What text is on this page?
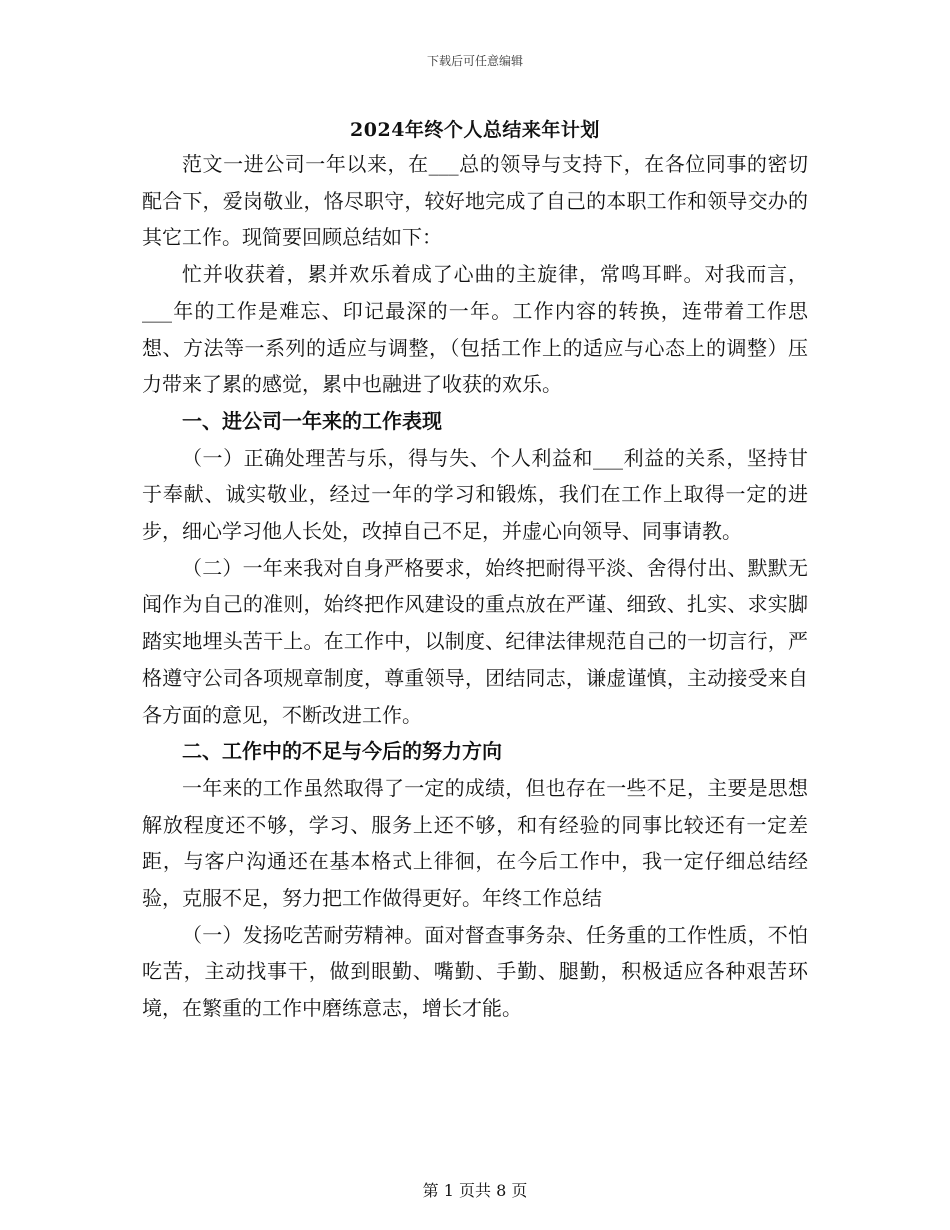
下载后可任意编辑
2024年终个人总结来年计划

范文一进公司一年以来，在___总的领导与支持下，在各位同事的密切配合下，爱岗敬业，恪尽职守，较好地完成了自己的本职工作和领导交办的其它工作。现简要回顾总结如下：

忙并收获着，累并欢乐着成了心曲的主旋律，常鸣耳畔。对我而言，___年的工作是难忘、印记最深的一年。工作内容的转换，连带着工作思想、方法等一系列的适应与调整，（包括工作上的适应与心态上的调整）压力带来了累的感觉，累中也融进了收获的欢乐。

一、进公司一年来的工作表现

（一）正确处理苦与乐，得与失、个人利益和___利益的关系，坚持甘于奉献、诚实敬业，经过一年的学习和锻炼，我们在工作上取得一定的进步，细心学习他人长处，改掉自己不足，并虚心向领导、同事请教。

（二）一年来我对自身严格要求，始终把耐得平淡、舍得付出、默默无闻作为自己的准则，始终把作风建设的重点放在严谨、细致、扎实、求实脚踏实地埋头苦干上。在工作中，以制度、纪律法律规范自己的一切言行，严格遵守公司各项规章制度，尊重领导，团结同志，谦虚谨慎，主动接受来自各方面的意见，不断改进工作。

二、工作中的不足与今后的努力方向

一年来的工作虽然取得了一定的成绩，但也存在一些不足，主要是思想解放程度还不够，学习、服务上还不够，和有经验的同事比较还有一定差距，与客户沟通还在基本格式上徘徊，在今后工作中，我一定仔细总结经验，克服不足，努力把工作做得更好。年终工作总结

（一）发扬吃苦耐劳精神。面对督查事务杂、任务重的工作性质，不怕吃苦，主动找事干，做到眼勤、嘴勤、手勤、腿勤，积极适应各种艰苦环境，在繁重的工作中磨练意志，增长才能。

第 1 页共 8 页
